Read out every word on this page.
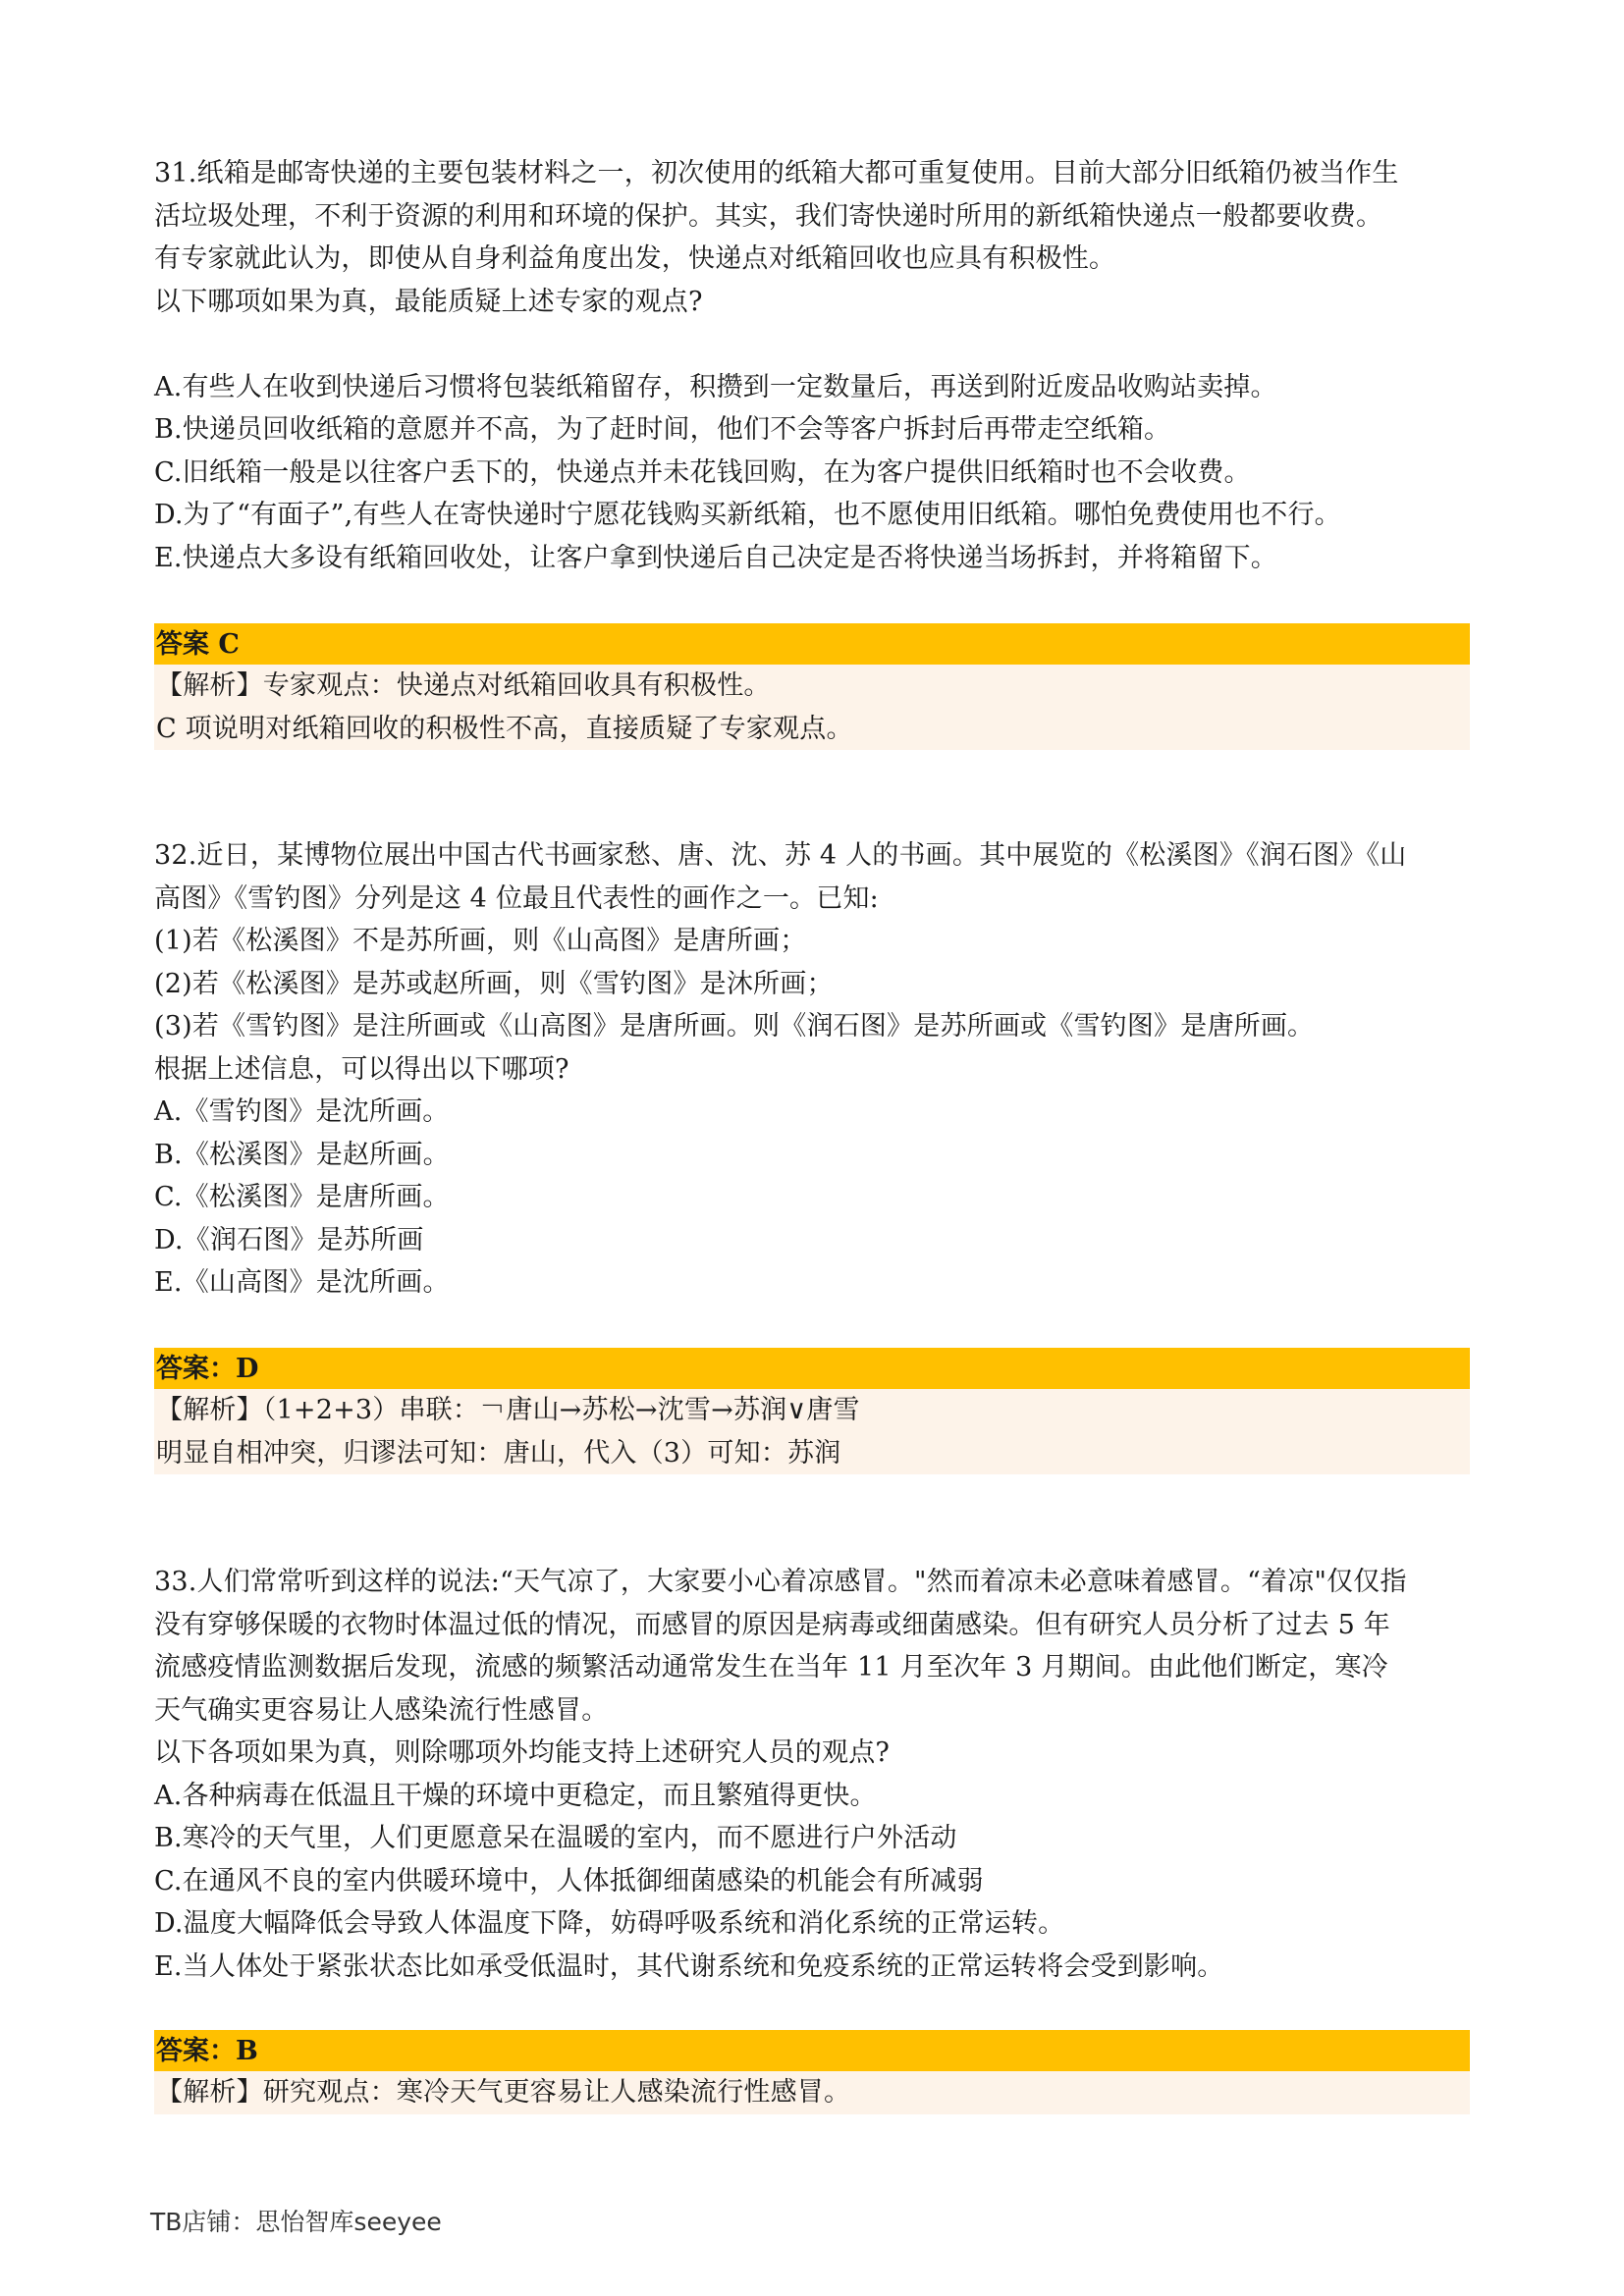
31.纸箱是邮寄快递的主要包装材料之一，初次使用的纸箱大都可重复使用。目前大部分旧纸箱仍被当作生
活垃圾处理，不利于资源的利用和环境的保护。其实，我们寄快递时所用的新纸箱快递点一般都要收费。
有专家就此认为，即使从自身利益角度出发，快递点对纸箱回收也应具有积极性。
以下哪项如果为真，最能质疑上述专家的观点?
A.有些人在收到快递后习惯将包装纸箱留存，积攒到一定数量后，再送到附近废品收购站卖掉。
B.快递员回收纸箱的意愿并不高，为了赶时间，他们不会等客户拆封后再带走空纸箱。
C.旧纸箱一般是以往客户丢下的，快递点并未花钱回购，在为客户提供旧纸箱时也不会收费。
D.为了“有面子”,有些人在寄快递时宁愿花钱购买新纸箱，也不愿使用旧纸箱。哪怕免费使用也不行。
E.快递点大多设有纸箱回收处，让客户拿到快递后自己决定是否将快递当场拆封，并将箱留下。
答案 C
【解析】专家观点：快递点对纸箱回收具有积极性。
C 项说明对纸箱回收的积极性不高，直接质疑了专家观点。
32.近日，某博物位展出中国古代书画家愁、唐、沈、苏 4 人的书画。其中展览的《松溪图》《润石图》《山
高图》《雪钓图》分列是这 4 位最且代表性的画作之一。已知:
(1)若《松溪图》不是苏所画，则《山高图》是唐所画；
(2)若《松溪图》是苏或赵所画，则《雪钓图》是沐所画；
(3)若《雪钓图》是注所画或《山高图》是唐所画。则《润石图》是苏所画或《雪钓图》是唐所画。
根据上述信息，可以得出以下哪项?
A.《雪钓图》是沈所画。
B.《松溪图》是赵所画。
C.《松溪图》是唐所画。
D.《润石图》是苏所画
E.《山高图》是沈所画。
答案：D
【解析】（1+2+3）串联：￢唐山→苏松→沈雪→苏润∨唐雪
明显自相冲突，归谬法可知：唐山，代入（3）可知：苏润
33.人们常常听到这样的说法:“天气凉了，大家要小心着凉感冒。"然而着凉未必意味着感冒。“着凉"仅仅指
没有穿够保暖的衣物时体温过低的情况，而感冒的原因是病毒或细菌感染。但有研究人员分析了过去 5 年
流感疫情监测数据后发现，流感的频繁活动通常发生在当年 11 月至次年 3 月期间。由此他们断定，寒冷
天气确实更容易让人感染流行性感冒。
以下各项如果为真，则除哪项外均能支持上述研究人员的观点?
A.各种病毒在低温且干燥的环境中更稳定，而且繁殖得更快。
B.寒冷的天气里，人们更愿意呆在温暖的室内，而不愿进行户外活动
C.在通风不良的室内供暖环境中，人体抵御细菌感染的机能会有所减弱
D.温度大幅降低会导致人体温度下降，妨碍呼吸系统和消化系统的正常运转。
E.当人体处于紧张状态比如承受低温时，其代谢系统和免疫系统的正常运转将会受到影响。
答案：B
【解析】研究观点：寒冷天气更容易让人感染流行性感冒。
TB店铺：思怡智库seeyee
